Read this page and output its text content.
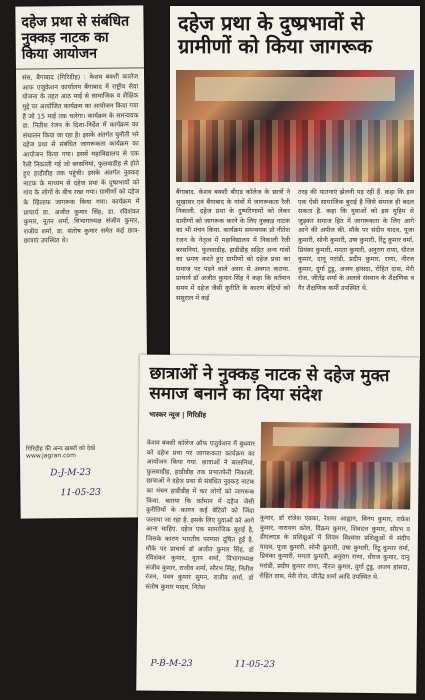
दहेज प्रथा से संबंधित नुक्कड़ नाटक का किया आयोजन
संस, बैगाबाद (गिरिडीह) : केशव बक्शी कालेज आफ एजुकेशन कार्यालय बैंगाबाद में राष्ट्रीय सेवा योजना के तहत आठ माई से सामाजिक व शैक्षिक मुद्दे पर आयोजित कार्यक्रम का आयोजन किया गया है जो 15 माई तक चलेगा। कार्यक्रम के समन्वयक डा. नितीश रंजन के दिशा-निर्देश में कार्यक्रम का संचालन किया जा रहा है। इसके अंतर्गत चुनौती भरे दहेज प्रथा से संबंधित जागरूकता कार्यक्रम का आयोजन किया गया। इसमें महाविद्यालय से एक रैली निकाली गई जो बरसनियां, फुलवाडीह से होते हुए हाडीडीह तक पहुंची। इसके अंतर्गत नुक्कड़ नाटक के माध्यम से दहेज प्रथा के दुष्प्रभावों को गांव के लोगों के बीच रखा गया। ग्रामीणों को दहेज के खिलाफ जागरूक किया गया। कार्यक्रम में प्राचार्य डा. अजीत कुमार सिंह, डा. रविशंकर कुमार, नूतन शर्मा, विभागाध्यक्ष संजीव कुमार, राजीव शर्मा, डा. संतोष कुमार समेत कई छात्र-छात्राएं उपस्थित थे।
गिरिडीह की अन्य ख़बरों को देखें www.jagran.com
D-J-M-23
11-05-23
दहेज प्रथा के दुष्प्रभावों से ग्रामीणों को किया जागरूक
बैंगाबाद. केशव बक्शी बीएड कॉलेज के छात्रों ने सुखासर एवं बैंगाबाद के गांवों में जागरूकता रैली निकाली. दहेज प्रथा के दुष्परिणामों को लेकर ग्रामीणों को जागरूक करने के लिए नुक्कड़ नाटक का भी मंचन किया. कार्यक्रम समन्वयक प्रो नीतेश रंजन के नेतृत्व में महाविद्यालय में निकाली रैली बरसनियां, फुलवाडीह, हाडीडीह सहित अन्य गांवों का भ्रमण करते हुए ग्रामीणों को दहेज प्रथा का समाज पर पड़ने वाले असर से अवगत कराया. प्राचार्य डॉ अजीत कुमार सिंह ने कहा कि वर्तमान समय में दहेज जैसी कुरीति के कारण बेटियों को ससुराल में कई
तरह की यातनाएं झेलनी पड़ रही हैं. कहा कि इस एक ऐसी सामाजिक बुराई है जिसे समाज ही बदल सकता है. कहा कि युवाओं को इस मुहिम से जुड़कर समाज हित में जागरूकता के लिए आगे आने की अपील की. मौके पर संदीप यादव, पूजा कुमारी, सोनी कुमारी, उषा कुमारी, रिंटू कुमार वर्मा, प्रियंका कुमारी, ममता कुमारी, अनुराग राणा, धीरज कुमार, दानू मरांडी, प्रदीप कुमार, राणा, नीरज कुमार, दुर्गा टुडू, अजय हांसदा, रोहित दास, मेरी रोज, जीतेंद्र शर्मा के अलावे संस्थान के शैक्षणिक व गैर शैक्षणिक कर्मी उपस्थित थे.
छात्राओं ने नुक्कड़ नाटक से दहेज मुक्त समाज बनाने का दिया संदेश
भास्कर न्यूज | गिरिडीह
केशव बक्शी कॉलेज ऑफ एजुकेशन में बुधवार को दहेज प्रथा पर जागरूकता कार्यक्रम का आयोजन किया गया. छात्राओं ने बरसनियां, फुलवाडीह, हाडीडीह तक प्रभातफेरी निकाली. छात्राओं ने दहेज प्रथा से संबंधित नुक्कड़ नाटक का मंचन हाडीडीह में कर लोगों को जागरूक किया. बताया कि वर्तमान में दहेज जैसी कुरीतियों के कारण कई बेटियों को जिंदा जलाया जा रहा है. इसके लिए युवाओं को आगे आना चाहिए. दहेज एक सामाजिक बुराई है, जिसके कारण भारतीय परम्परा दूषित हुई है. मौके पर प्राचार्य डॉ अजीत कुमार सिंह, डॉ रविशंकर कुमार, नूतन शर्मा, विभागाध्यक्ष संजीव कुमार, राजीव शर्मा, सौरभ सिंह, नितीश रंजन, पवन कुमार सुमन, राजीव शर्मा, डॉ संतोष कुमार यादव, नितेश
कुमार, डॉ राजेश एक्का, रेशमा आह्वान, विनय कुमार, राकेश कुमार, नारायण कोल, विक्रम कुमार, शिवदत्त कुमार, सौरभ व डीएलएड के प्रशिक्षुओं में शिवम विश्वास प्रशिक्षुओं में संदीप यादव, पूजा कुमारी, सोनी कुमारी, उषा कुमारी, रिंटू कुमार वर्मा, प्रियंका कुमारी, ममता कुमारी, अनुराग राणा, धीरज कुमार, दानू मरांडी, प्रदीप कुमार राणा, नीरज कुमार, दुर्गा टुडू, अजय हांसदा, रोहित दास, मेरी रोज, जीतेंद्र शर्मा आदि उपस्थित थे.
P-B-M-23	11-05-23
